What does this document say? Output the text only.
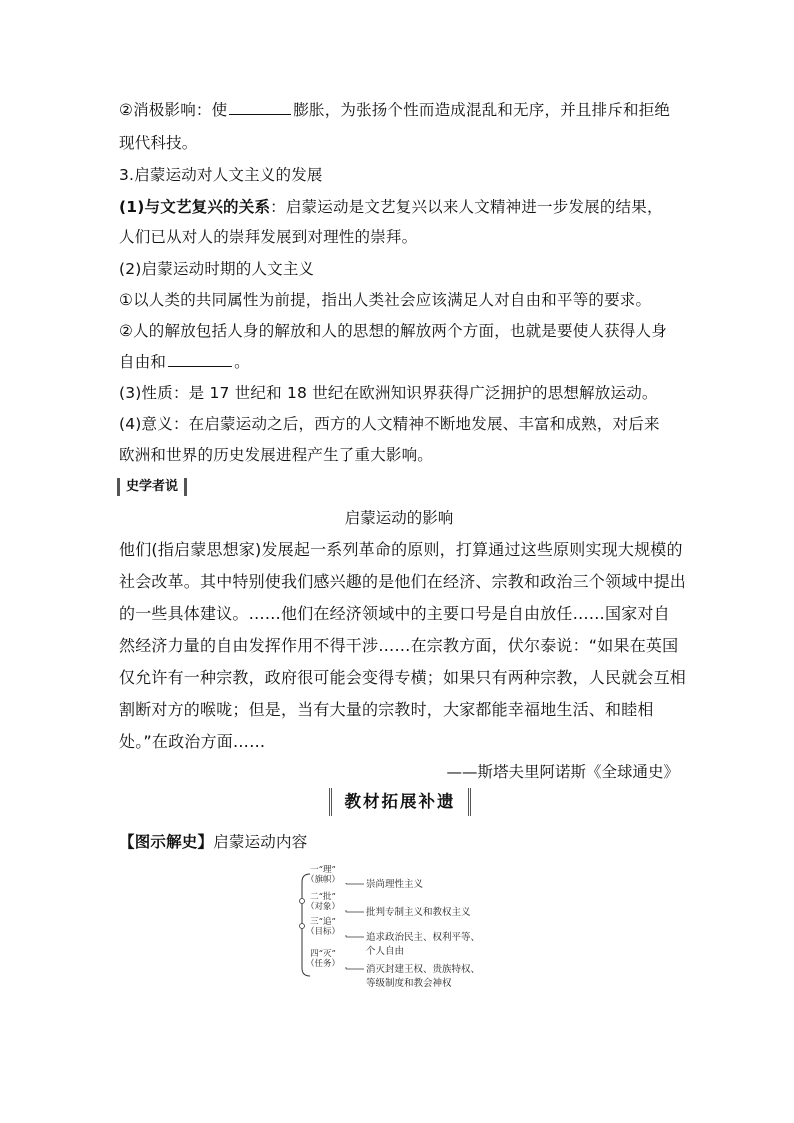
②消极影响：使	膨胀，为张扬个性而造成混乱和无序，并且排斥和拒绝
现代科技。
3.启蒙运动对人文主义的发展
(1)与文艺复兴的关系：启蒙运动是文艺复兴以来人文精神进一步发展的结果，
人们已从对人的崇拜发展到对理性的崇拜。
(2)启蒙运动时期的人文主义
①以人类的共同属性为前提，指出人类社会应该满足人对自由和平等的要求。
②人的解放包括人身的解放和人的思想的解放两个方面，也就是要使人获得人身
自由和	。
(3)性质：是 17 世纪和 18 世纪在欧洲知识界获得广泛拥护的思想解放运动。
(4)意义：在启蒙运动之后，西方的人文精神不断地发展、丰富和成熟，对后来
欧洲和世界的历史发展进程产生了重大影响。
史学者说
启蒙运动的影响
他们(指启蒙思想家)发展起一系列革命的原则，打算通过这些原则实现大规模的
社会改革。其中特别使我们感兴趣的是他们在经济、宗教和政治三个领域中提出
的一些具体建议。……他们在经济领域中的主要口号是自由放任……国家对自
然经济力量的自由发挥作用不得干涉……在宗教方面，伏尔泰说：“如果在英国
仅允许有一种宗教，政府很可能会变得专横；如果只有两种宗教，人民就会互相
割断对方的喉咙；但是，当有大量的宗教时，大家都能幸福地生活、和睦相
处。”在政治方面……
——斯塔夫里阿诺斯《全球通史》
教材拓展补遗
【图示解史】启蒙运动内容
一“理”
（旗帜）	崇尚理性主义
二“批”
（对象）	批判专制主义和教权主义
三“追”
（目标）	追求政治民主、权利平等、
个人自由
四“灭”
（任务）	消灭封建王权、贵族特权、
等级制度和教会神权
